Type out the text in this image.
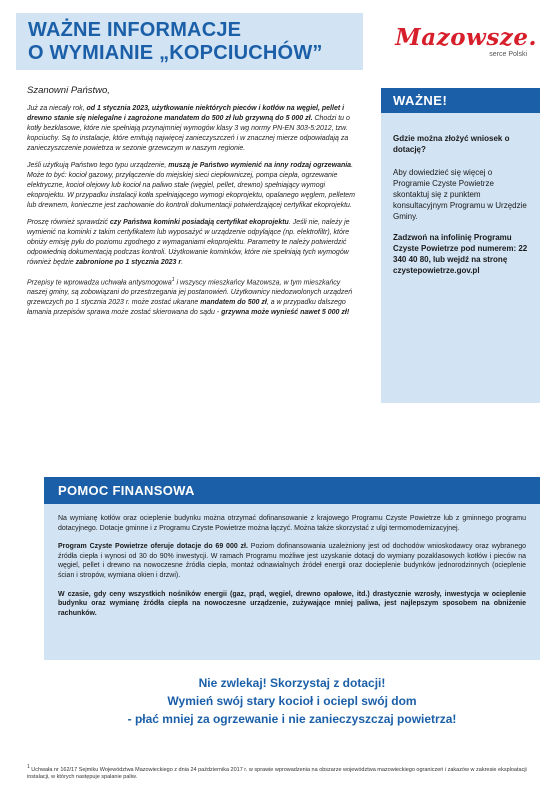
WAŻNE INFORMACJE
O WYMIANIE „KOPCIUCHÓW”
Mazowsze.
serce Polski
Szanowni Państwo,

Już za niecały rok, od 1 stycznia 2023, użytkowanie niektórych pieców i kotłów na węgiel, pellet i drewno stanie się nielegalne i zagrożone mandatem do 500 zł lub grzywną do 5 000 zł. Chodzi tu o kotły bezklasowe, które nie spełniają przynajmniej wymogów klasy 3 wg normy PN-EN 303-5:2012, tzw. kopciuchy. Są to instalacje, które emitują najwięcej zanieczyszczeń i w znacznej mierze odpowiadają za zanieczyszczenie powietrza w sezonie grzewczym w naszym regionie.

Jeśli użytkują Państwo tego typu urządzenie, muszą je Państwo wymienić na inny rodzaj ogrzewania. Może to być: kocioł gazowy, przyłączenie do miejskiej sieci ciepłowniczej, pompa ciepła, ogrzewanie elektryczne, kocioł olejowy lub kocioł na paliwo stałe (węgiel, pellet, drewno) spełniający wymogi ekoprojektu. W przypadku instalacji kotła spełniającego wymogi ekoprojektu, opalanego węglem, pelletem lub drewnem, konieczne jest zachowanie do kontroli dokumentacji potwierdzającej certyfikat ekoprojektu.

Proszę również sprawdzić czy Państwa kominki posiadają certyfikat ekoprojektu. Jeśli nie, należy je wymienić na kominki z takim certyfikatem lub wyposażyć w urządzenie odpylające (np. elektrofiltr), które obniży emisję pyłu do poziomu zgodnego z wymaganiami ekoprojektu. Parametry te należy potwierdzić odpowiednią dokumentacją podczas kontroli. Użytkowanie kominków, które nie spełniają tych wymogów również będzie zabronione po 1 stycznia 2023 r.

Przepisy te wprowadza uchwała antysmogowa$^1$ i wszyscy mieszkańcy Mazowsza, w tym mieszkańcy naszej gminy, są zobowiązani do przestrzegania jej postanowień. Użytkownicy niedozwolonych urządzeń grzewczych po 1 stycznia 2023 r. może zostać ukarane mandatem do 500 zł, a w przypadku dalszego łamania przepisów sprawa może zostać skierowana do sądu - grzywna może wynieść nawet 5 000 zł!

WAŻNE!
Gdzie można złożyć wniosek o dotację?
Aby dowiedzieć się więcej o Programie Czyste Powietrze skontaktuj się z punktem konsultacyjnym Programu w Urzędzie Gminy.
Zadzwoń na infolinię Programu Czyste Powietrze pod numerem: 22 340 40 80, lub wejdź na stronę czystepowietrze.gov.pl
POMOC FINANSOWA

Na wymianę kotłów oraz ocieplenie budynku można otrzymać dofinansowanie z krajowego Programu Czyste Powietrze lub z gminnego programu dotacyjnego. Dotacje gminne i z Programu Czyste Powietrze można łączyć. Można także skorzystać z ulgi termomodernizacyjnej.

Program Czyste Powietrze oferuje dotacje do 69 000 zł. Poziom dofinansowania uzależniony jest od dochodów wnioskodawcy oraz wybranego źródła ciepła i wynosi od 30 do 90% inwestycji. W ramach Programu możliwe jest uzyskanie dotacji do wymiany pozaklasowych kotłów i pieców na węgiel, pellet i drewno na nowoczesne źródła ciepła, montaż odnawialnych źródeł energii oraz docieplenie budynków jednorodzinnych (ocieplenie ścian i stropów, wymiana okien i drzwi).

W czasie, gdy ceny wszystkich nośników energii (gaz, prąd, węgiel, drewno opałowe, itd.) drastycznie wzrosły, inwestycja w ocieplenie budynku oraz wymianę źródła ciepła na nowoczesne urządzenie, zużywające mniej paliwa, jest najlepszym sposobem na obniżenie rachunków.

Nie zwlekaj! Skorzystaj z dotacji!
Wymień swój stary kocioł i ociepl swój dom
- płać mniej za ogrzewanie i nie zanieczyszczaj powietrza!
$^1$ Uchwała nr 162/17 Sejmiku Województwa Mazowieckiego z dnia 24 października 2017 r. w sprawie wprowadzenia na obszarze województwa mazowieckiego ograniczeń i zakazów w zakresie eksploatacji instalacji, w których następuje spalanie paliw.
